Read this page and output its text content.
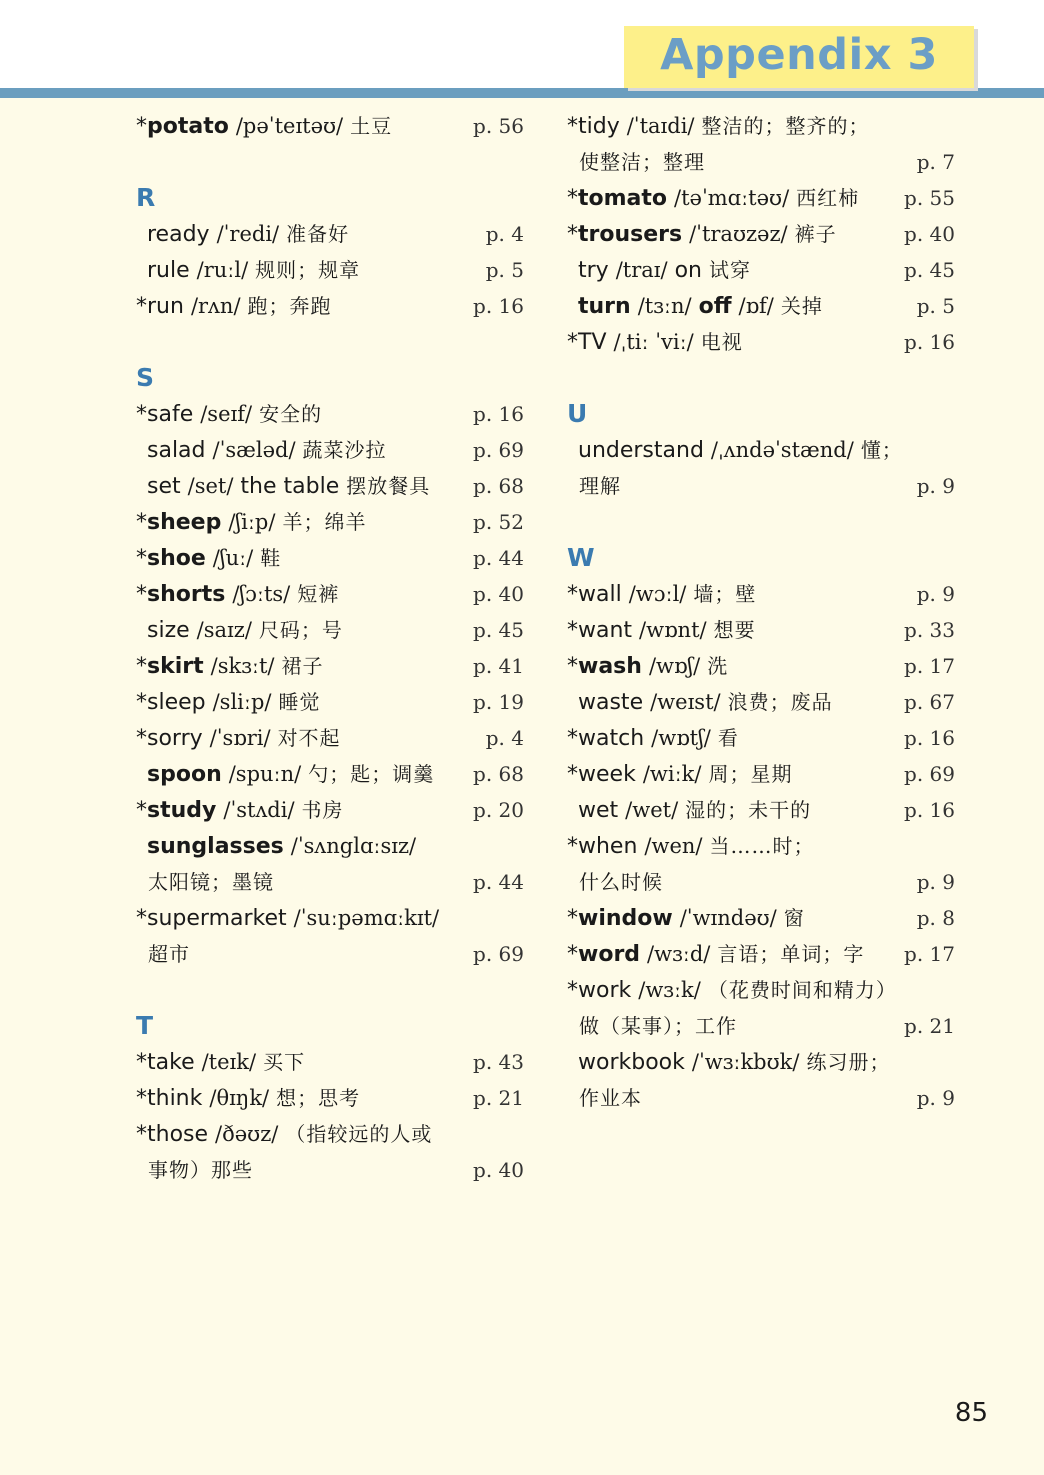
Appendix 3
*potato /pəˈteɪtəʊ/ 土豆	p. 56
R
ready /ˈredi/ 准备好	p. 4
rule /ruːl/ 规则；规章	p. 5
*run /rʌn/ 跑；奔跑	p. 16
S
*safe /seɪf/ 安全的	p. 16
salad /ˈsæləd/ 蔬菜沙拉	p. 69
set /set/ the table 摆放餐具 p. 68
*sheep /ʃiːp/ 羊；绵羊	p. 52
*shoe /ʃuː/ 鞋	p. 44
*shorts /ʃɔːts/ 短裤	p. 40
size /saɪz/ 尺码；号	p. 45
*skirt /skɜːt/ 裙子	p. 41
*sleep /sliːp/ 睡觉	p. 19
*sorry /ˈsɒri/ 对不起	p. 4
spoon /spuːn/ 勺；匙；调羹 p. 68
*study /ˈstʌdi/ 书房	p. 20
sunglasses /ˈsʌnglɑːsɪz/
太阳镜；墨镜	p. 44
*supermarket /ˈsuːpəmɑːkɪt/
超市	p. 69
T
*take /teɪk/ 买下	p. 43
*think /θɪŋk/ 想；思考	p. 21
*those /ðəʊz/ （指较远的人或
事物）那些	p. 40
*tidy /ˈtaɪdi/ 整洁的；整齐的；
使整洁；整理	p. 7
*tomato /təˈmɑːtəʊ/ 西红柿 p. 55
*trousers /ˈtraʊzəz/ 裤子	p. 40
try /traɪ/ on 试穿	p. 45
turn /tɜːn/ off /ɒf/ 关掉	p. 5
*TV /ˌtiː ˈviː/ 电视	p. 16
U
understand /ˌʌndəˈstænd/ 懂；
理解	p. 9
W
*wall /wɔːl/ 墙；壁	p. 9
*want /wɒnt/ 想要	p. 33
*wash /wɒʃ/ 洗	p. 17
waste /weɪst/ 浪费；废品	p. 67
*watch /wɒtʃ/ 看	p. 16
*week /wiːk/ 周；星期	p. 69
wet /wet/ 湿的；未干的	p. 16
*when /wen/ 当……时；
什么时候	p. 9
*window /ˈwɪndəʊ/ 窗	p. 8
*word /wɜːd/ 言语；单词；字 p. 17
*work /wɜːk/ （花费时间和精力）
做（某事）；工作	p. 21
workbook /ˈwɜːkbʊk/ 练习册；
作业本	p. 9
85
